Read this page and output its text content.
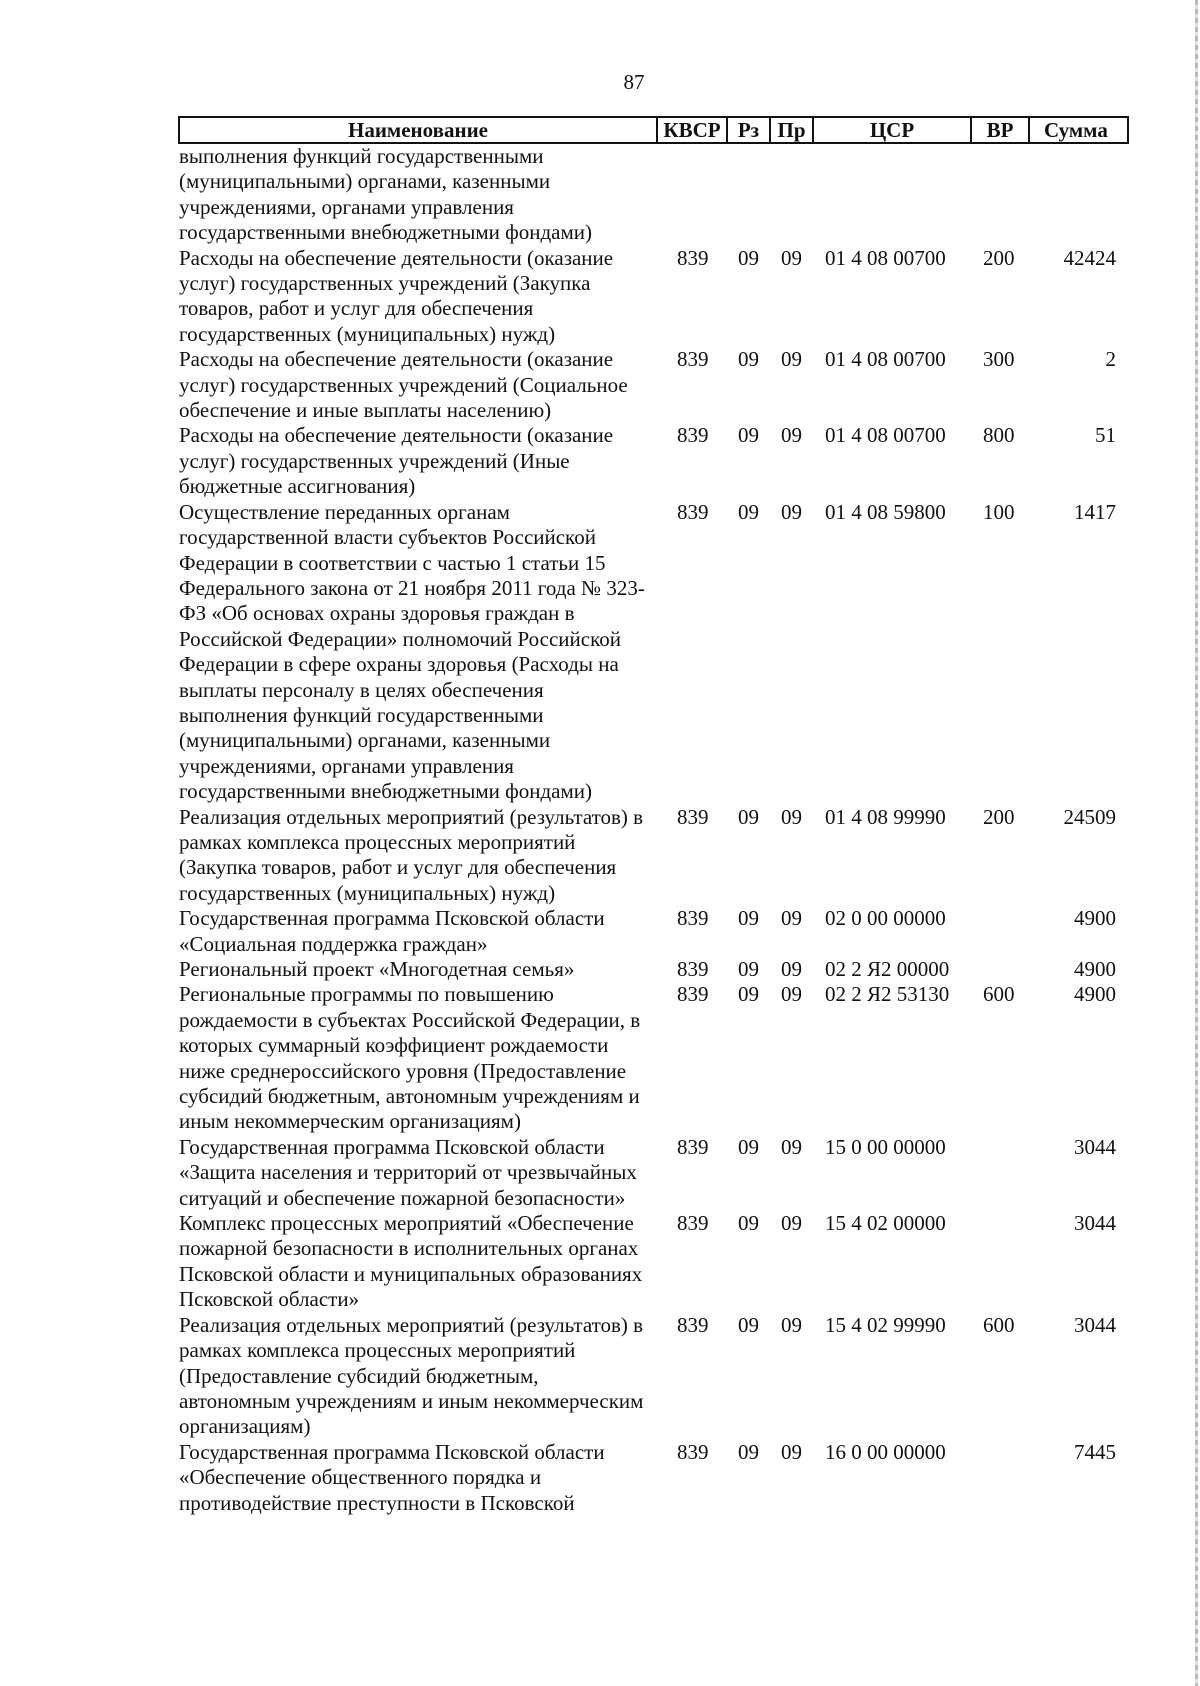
87
Наименование	КВСР	Рз	Пр	ЦСР	ВР	Сумма
выполнения функций государственными (муниципальными) органами, казенными учреждениями, органами управления государственными внебюджетными фондами)						
Расходы на обеспечение деятельности (оказание услуг) государственных учреждений (Закупка товаров, работ и услуг для обеспечения государственных (муниципальных) нужд)	839	09	09	01 4 08 00700	200	42424
Расходы на обеспечение деятельности (оказание услуг) государственных учреждений (Социальное обеспечение и иные выплаты населению)	839	09	09	01 4 08 00700	300	2
Расходы на обеспечение деятельности (оказание услуг) государственных учреждений (Иные бюджетные ассигнования)	839	09	09	01 4 08 00700	800	51
Осуществление переданных органам государственной власти субъектов Российской Федерации в соответствии с частью 1 статьи 15 Федерального закона от 21 ноября 2011 года № 323-ФЗ «Об основах охраны здоровья граждан в Российской Федерации» полномочий Российской Федерации в сфере охраны здоровья (Расходы на выплаты персоналу в целях обеспечения выполнения функций государственными (муниципальными) органами, казенными учреждениями, органами управления государственными внебюджетными фондами)	839	09	09	01 4 08 59800	100	1417
Реализация отдельных мероприятий (результатов) в рамках комплекса процессных мероприятий (Закупка товаров, работ и услуг для обеспечения государственных (муниципальных) нужд)	839	09	09	01 4 08 99990	200	24509
Государственная программа Псковской области «Социальная поддержка граждан»	839	09	09	02 0 00 00000		4900
Региональный проект «Многодетная семья»	839	09	09	02 2 Я2 00000		4900
Региональные программы по повышению рождаемости в субъектах Российской Федерации, в которых суммарный коэффициент рождаемости ниже среднероссийского уровня (Предоставление субсидий бюджетным, автономным учреждениям и иным некоммерческим организациям)	839	09	09	02 2 Я2 53130	600	4900
Государственная программа Псковской области «Защита населения и территорий от чрезвычайных ситуаций и обеспечение пожарной безопасности»	839	09	09	15 0 00 00000		3044
Комплекс процессных мероприятий «Обеспечение пожарной безопасности в исполнительных органах Псковской области и муниципальных образованиях Псковской области»	839	09	09	15 4 02 00000		3044
Реализация отдельных мероприятий (результатов) в рамках комплекса процессных мероприятий (Предоставление субсидий бюджетным, автономным учреждениям и иным некоммерческим организациям)	839	09	09	15 4 02 99990	600	3044
Государственная программа Псковской области «Обеспечение общественного порядка и противодействие преступности в Псковской	839	09	09	16 0 00 00000		7445
